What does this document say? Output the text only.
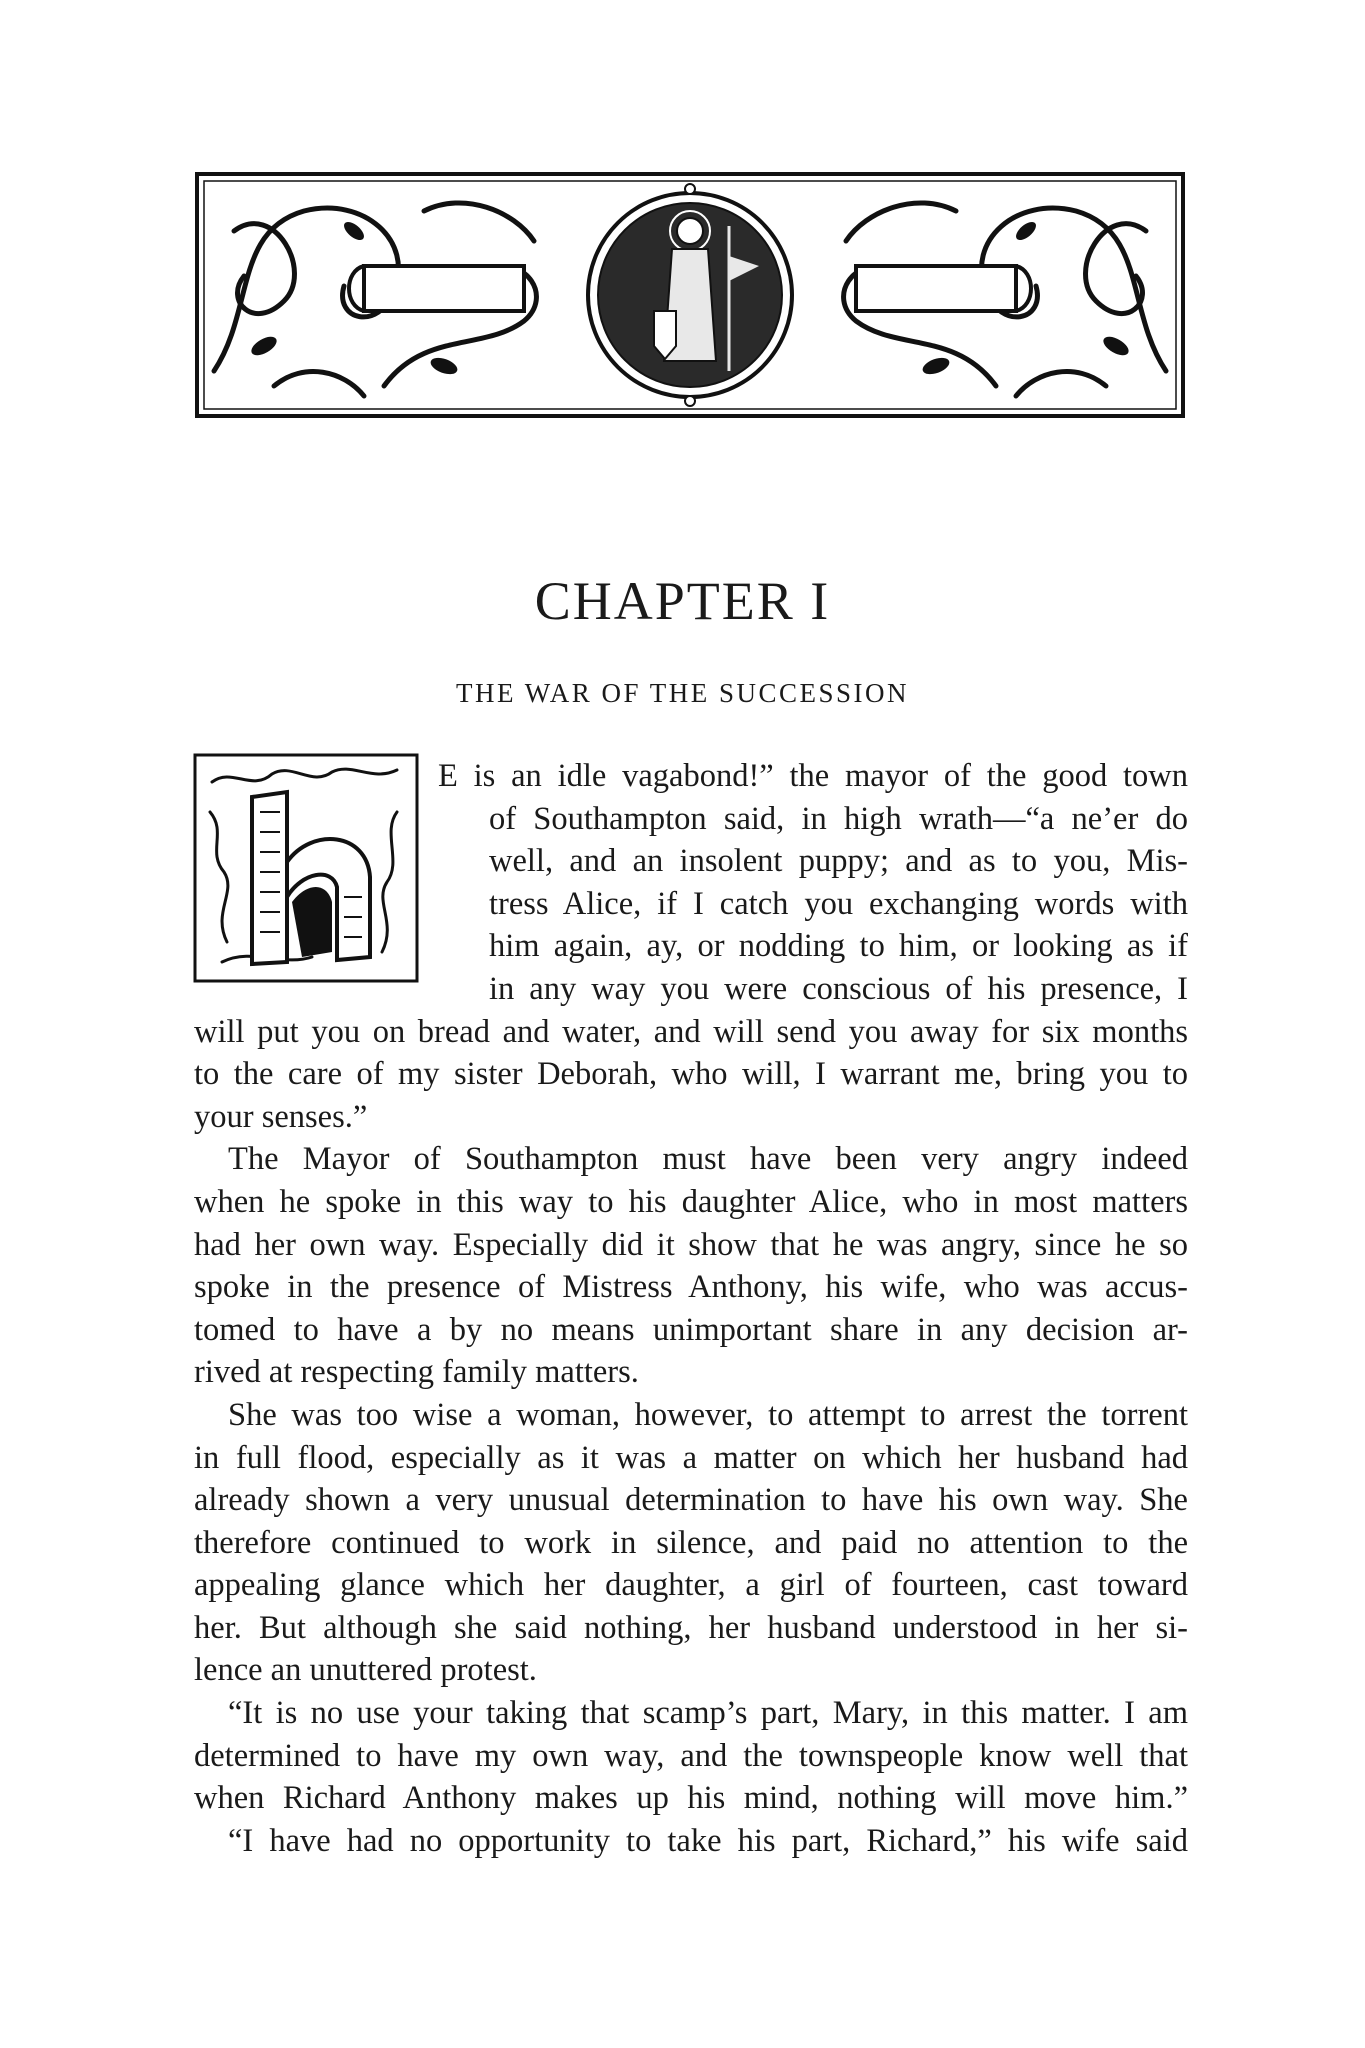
CHAPTER I
THE WAR OF THE SUCCESSION
E is an idle vagabond!” the mayor of the good town
of Southampton said, in high wrath—“a ne’er do
well, and an insolent puppy; and as to you, Mis-
tress Alice, if I catch you exchanging words with
him again, ay, or nodding to him, or looking as if
in any way you were conscious of his presence, I
will put you on bread and water, and will send you away for six months
to the care of my sister Deborah, who will, I warrant me, bring you to
your senses.”
The Mayor of Southampton must have been very angry indeed
when he spoke in this way to his daughter Alice, who in most matters
had her own way. Especially did it show that he was angry, since he so
spoke in the presence of Mistress Anthony, his wife, who was accus-
tomed to have a by no means unimportant share in any decision ar-
rived at respecting family matters.
She was too wise a woman, however, to attempt to arrest the torrent
in full flood, especially as it was a matter on which her husband had
already shown a very unusual determination to have his own way. She
therefore continued to work in silence, and paid no attention to the
appealing glance which her daughter, a girl of fourteen, cast toward
her. But although she said nothing, her husband understood in her si-
lence an unuttered protest.
“It is no use your taking that scamp’s part, Mary, in this matter. I am
determined to have my own way, and the townspeople know well that
when Richard Anthony makes up his mind, nothing will move him.”
“I have had no opportunity to take his part, Richard,” his wife said
